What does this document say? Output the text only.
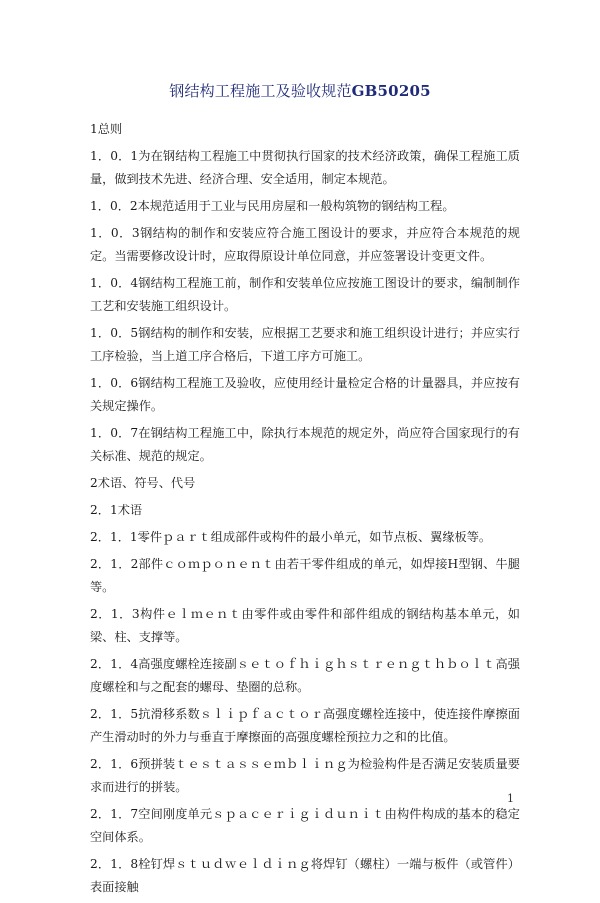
钢结构工程施工及验收规范GB50205
1总则

1．0．1为在钢结构工程施工中贯彻执行国家的技术经济政策，确保工程施工质量，做到技术先进、经济合理、安全适用，制定本规范。

1．0．2本规范适用于工业与民用房屋和一般构筑物的钢结构工程。

1．0．3钢结构的制作和安装应符合施工图设计的要求，并应符合本规范的规定。当需要修改设计时，应取得原设计单位同意，并应签署设计变更文件。

1．0．4钢结构工程施工前，制作和安装单位应按施工图设计的要求，编制制作工艺和安装施工组织设计。

1．0．5钢结构的制作和安装，应根据工艺要求和施工组织设计进行；并应实行工序检验，当上道工序合格后，下道工序方可施工。

1．0．6钢结构工程施工及验收，应使用经计量检定合格的计量器具，并应按有关规定操作。

1．0．7在钢结构工程施工中，除执行本规范的规定外，尚应符合国家现行的有关标准、规范的规定。

2术语、符号、代号
2．1术语

2．1．1零件ｐａｒｔ组成部件或构件的最小单元，如节点板、翼缘板等。

2．1．2部件ｃｏｍｐｏｎｅｎｔ由若干零件组成的单元，如焊接H型钢、牛腿等。

2．1．3构件ｅｌｍｅｎｔ由零件或由零件和部件组成的钢结构基本单元，如梁、柱、支撑等。

2．1．4高强度螺栓连接副ｓｅｔｏｆｈｉｇｈｓｔｒｅｎｇｔｈｂｏｌｔ高强度螺栓和与之配套的螺母、垫圈的总称。

2．1．5抗滑移系数ｓｌｉｐｆａｃｔｏｒ高强度螺栓连接中，使连接件摩擦面产生滑动时的外力与垂直于摩擦面的高强度螺栓预拉力之和的比值。

2．1．6预拼装ｔｅｓｔａｓｓｅｍｂｌｉｎｇ为检验构件是否满足安装质量要求而进行的拼装。

2．1．7空间刚度单元ｓｐａｃｅｒｉｇｉｄｕｎｉｔ由构件构成的基本的稳定空间体系。

2．1．8栓钉焊ｓｔｕｄｗｅｌｄｉｎｇ将焊钉（螺柱）一端与板件（或管件）表面接触

1
